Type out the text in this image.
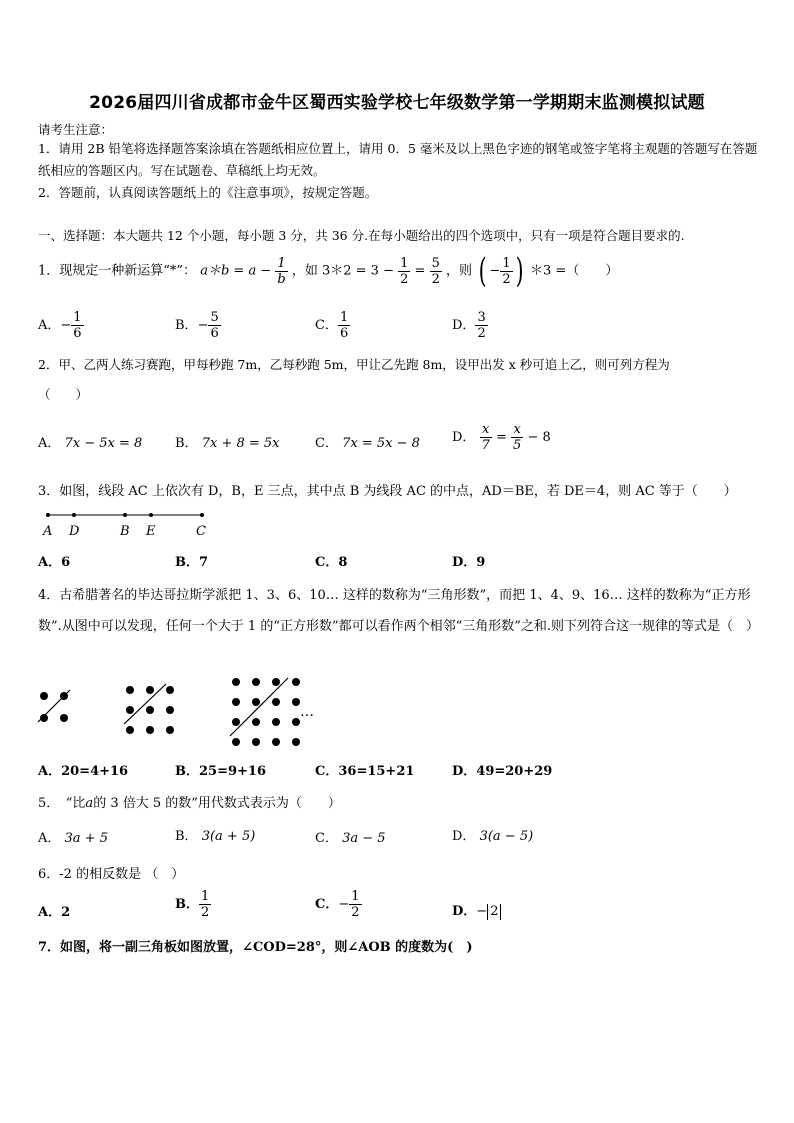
2026届四川省成都市金牛区蜀西实验学校七年级数学第一学期期末监测模拟试题
请考生注意：
1．请用 2B 铅笔将选择题答案涂填在答题纸相应位置上，请用 0．5 毫米及以上黑色字迹的钢笔或签字笔将主观题的答题写在答题纸相应的答题区内。写在试题卷、草稿纸上均无效。
2．答题前，认真阅读答题纸上的《注意事项》，按规定答题。
一、选择题：本大题共 12 个小题，每小题 3 分，共 36 分.在每小题给出的四个选项中，只有一项是符合题目要求的.
1．现规定一种新运算“*”： a＊b = $a - \frac{1}{b}$ ，如 3＊2 = $3 - \frac{1}{2} = \frac{5}{2}$ ，则 ( − $\frac{1}{2}$ ) ＊3 =（　　）
A．− $\frac{1}{6}$	B．− $\frac{5}{6}$	C． $\frac{1}{6}$	D． $\frac{3}{2}$
2．甲、乙两人练习赛跑，甲每秒跑 7m，乙每秒跑 5m，甲让乙先跑 8m，设甲出发 x 秒可追上乙，则可列方程为
（　　）
A． 7x − 5x = 8	B． 7x + 8 = 5x	C． 7x = 5x − 8 D． $\frac{x}{7} = \frac{x}{5} - 8$
3．如图，线段 AC 上依次有 D，B，E 三点，其中点 B 为线段 AC 的中点，AD＝BE，若 DE＝4，则 AC 等于（　　）
A D	B E	C
A．6	B．7	C．8	D．9
4．古希腊著名的毕达哥拉斯学派把 1、3、6、10… 这样的数称为“三角形数”，而把 1、4、9、16… 这样的数称为“正方形数”.从图中可以发现，任何一个大于 1 的“正方形数”都可以看作两个相邻“三角形数”之和.则下列符合这一规律的等式是（　）
…
A．20=4+16	B．25=9+16	C．36=15+21	D．49=20+29
5．　“比a的 3 倍大 5 的数”用代数式表示为（　　）
A． 3a + 5	B． 3(a + 5)	C． 3a − 5	D． 3(a − 5)
6．-2 的相反数是 （　）
A．2
B． $\frac{1}{2}$	C．− $\frac{1}{2}$	D．− 2
7．如图，将一副三角板如图放置，∠COD=28°，则∠AOB 的度数为(　)
